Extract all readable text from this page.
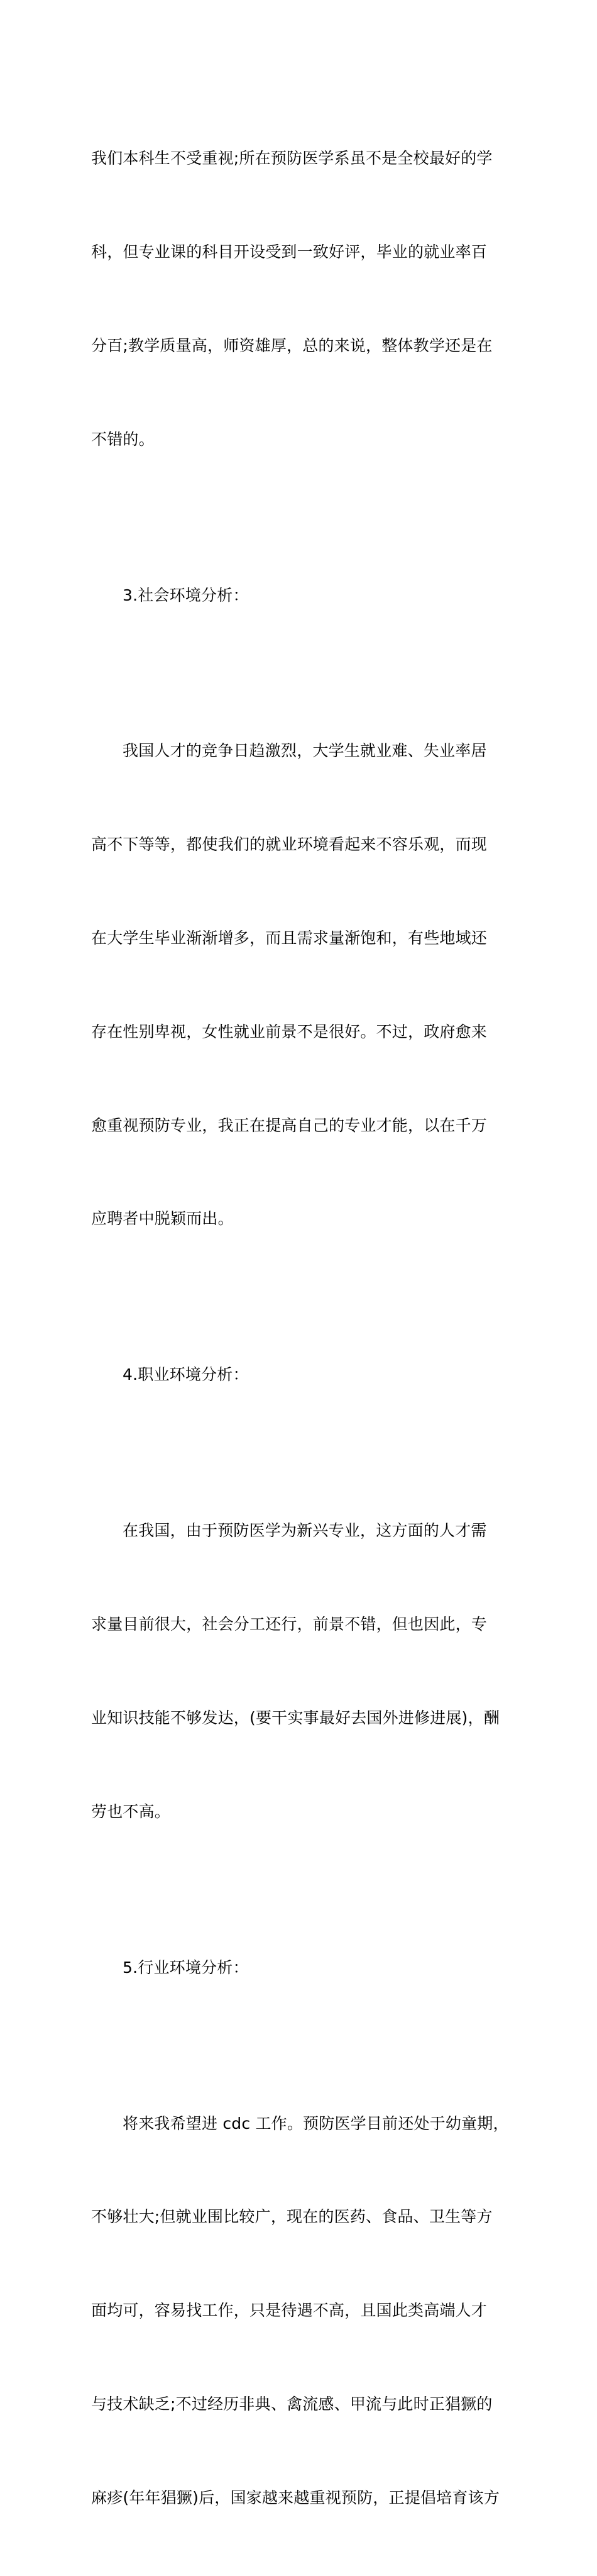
我们本科生不受重视;所在预防医学系虽不是全校最好的学

科，但专业课的科目开设受到一致好评，毕业的就业率百

分百;教学质量高，师资雄厚，总的来说，整体教学还是在

不错的。

3.社会环境分析：

我国人才的竞争日趋激烈，大学生就业难、失业率居

高不下等等，都使我们的就业环境看起来不容乐观，而现

在大学生毕业渐渐增多，而且需求量渐饱和，有些地域还

存在性别卑视，女性就业前景不是很好。不过，政府愈来

愈重视预防专业，我正在提高自己的专业才能，以在千万

应聘者中脱颖而出。

4.职业环境分析：

在我国，由于预防医学为新兴专业，这方面的人才需

求量目前很大，社会分工还行，前景不错，但也因此，专

业知识技能不够发达，(要干实事最好去国外进修进展)，酬

劳也不高。

5.行业环境分析：

将来我希望进 cdc 工作。预防医学目前还处于幼童期，

不够壮大;但就业围比较广，现在的医药、食品、卫生等方

面均可，容易找工作，只是待遇不高，且国此类高端人才

与技术缺乏;不过经历非典、禽流感、甲流与此时正猖獗的

麻疹(年年猖獗)后，国家越来越重视预防，正提倡培育该方
